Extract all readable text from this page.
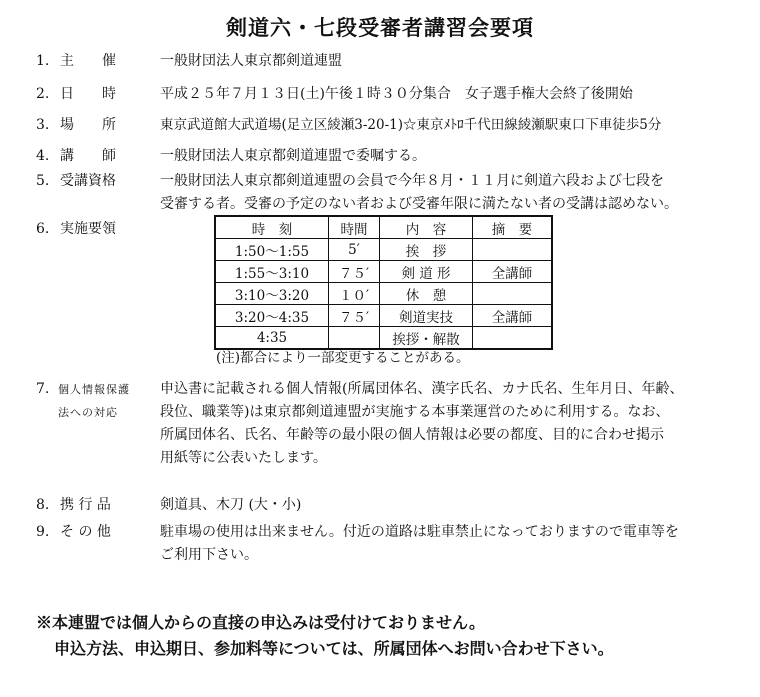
剣道六・七段受審者講習会要項
1. 主　　催	一般財団法人東京都剣道連盟
2. 日　　時	平成２５年７月１３日(土)午後１時３０分集合　女子選手権大会終了後開始
3. 場　　所	東京武道館大武道場(足立区綾瀬3-20-1)☆東京ﾒﾄﾛ千代田線綾瀬駅東口下車徒歩5分
4. 講　　師	一般財団法人東京都剣道連盟で委嘱する。
5. 受講資格	一般財団法人東京都剣道連盟の会員で今年８月・１１月に剣道六段および七段を

受審する者。受審の予定のない者および受審年限に満たない者の受講は認めない。

6. 実施要領	時　刻	時間	内　容	摘　要
1:50〜1:55	5′	挨　拶	
1:55〜3:10	７５′	剣 道 形	全講師
3:10〜3:20	１０′	休　憩	
3:20〜4:35	７５′	剣道実技	全講師
4:35		挨拶・解散	
(注)都合により一部変更することがある。
7. 個人情報保護

法への対応

申込書に記載される個人情報(所属団体名、漢字氏名、カナ氏名、生年月日、年齢、

段位、職業等)は東京都剣道連盟が実施する本事業運営のために利用する。なお、

所属団体名、氏名、年齢等の最小限の個人情報は必要の都度、目的に合わせ掲示

用紙等に公表いたします。

8. 携 行 品	剣道具、木刀 (大・小)
9. そ の 他	駐車場の使用は出来ません。付近の道路は駐車禁止になっておりますので電車等を

ご利用下さい。

※本連盟では個人からの直接の申込みは受付けておりません。

申込方法、申込期日、参加料等については、所属団体へお問い合わせ下さい。
